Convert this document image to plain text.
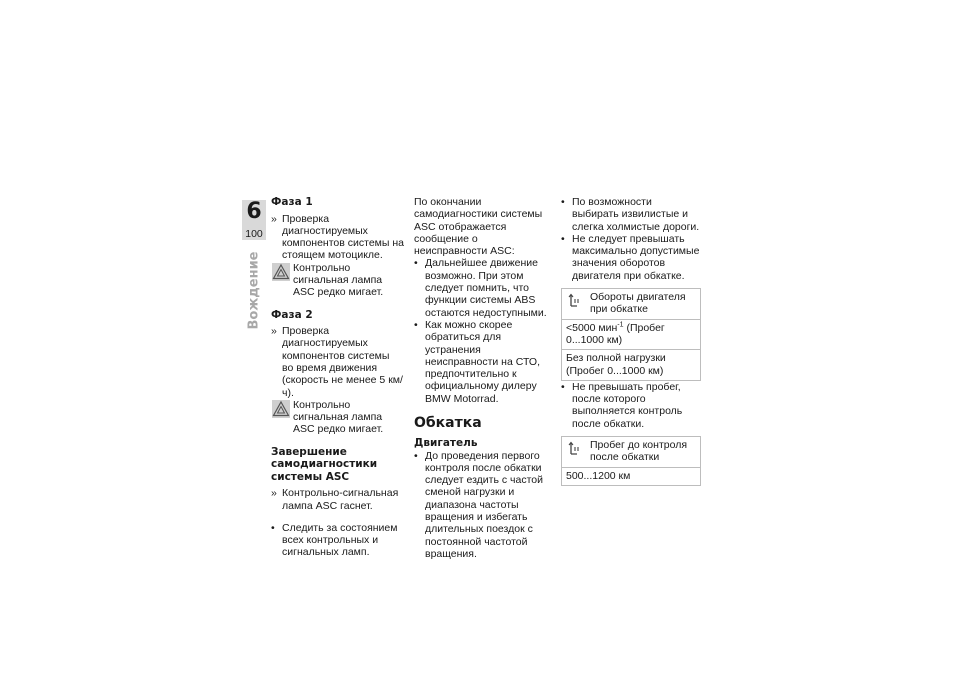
6
100
Вождение

Фаза 1

» Проверка диагностируемых компонентов системы на стоящем мотоцикле.

Контрольно сигнальная лампа ASC редко мигает.

Фаза 2

» Проверка диагностируемых компонентов системы
во время движения (скорость не менее 5 км/ч).

Контрольно сигнальная лампа ASC редко мигает.

Завершение самодиагностики системы ASC

» Контрольно-сигнальная лампа ASC гаснет.

• Следить за состоянием всех контрольных и сигнальных ламп.

По окончании самодиагностики системы ASC отображается сообщение о неисправности ASC:

• Дальнейшее движение возможно. При этом следует помнить, что функции системы ABS остаются недоступными.

• Как можно скорее обратиться для устранения неисправности на СТО, предпочтительно к официальному дилеру BMW Motorrad.

Обкатка

Двигатель

• До проведения первого контроля после обкатки следует ездить с частой сменой нагрузки и диапазона частоты вращения и избегать длительных поездок с постоянной частотой вращения.

• По возможности выбирать извилистые и слегка холмистые дороги.

• Не следует превышать максимально допустимые значения оборотов двигателя при обкатке.

Обороты двигателя при обкатке
<5000 мин$^{-1}$ (Пробег 0...1000 км)
Без полной нагрузки (Пробег 0...1000 км)

• Не превышать пробег, после которого выполняется контроль после обкатки.

Пробег до контроля после обкатки
500...1200 км
